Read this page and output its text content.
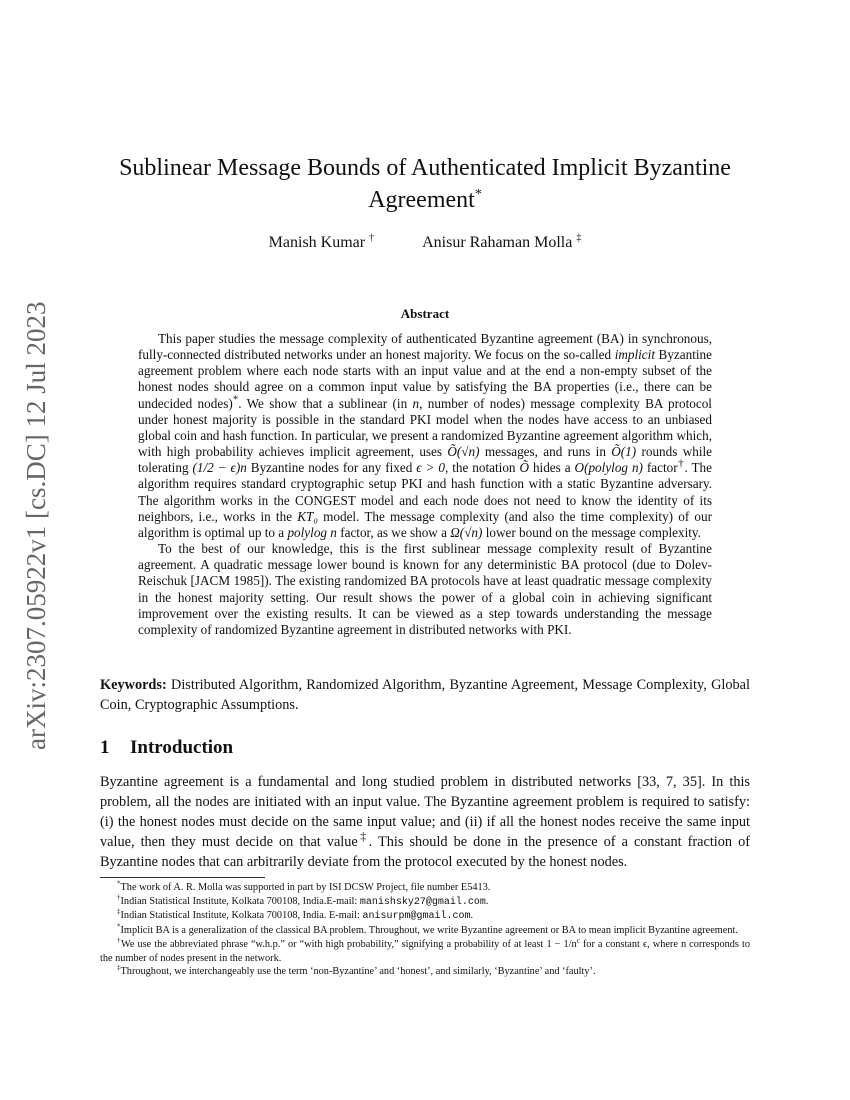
arXiv:2307.05922v1 [cs.DC] 12 Jul 2023
Sublinear Message Bounds of Authenticated Implicit Byzantine
Agreement*
Manish Kumar †	Anisur Rahaman Molla ‡
Abstract

This paper studies the message complexity of authenticated Byzantine agreement (BA) in synchronous, fully-connected distributed networks under an honest majority. We focus on the so-called implicit Byzantine agreement problem where each node starts with an input value and at the end a non-empty subset of the honest nodes should agree on a common input value by satisfying the BA properties (i.e., there can be undecided nodes)*. We show that a sublinear (in n, number of nodes) message complexity BA protocol under honest majority is possible in the standard PKI model when the nodes have access to an unbiased global coin and hash function. In particular, we present a randomized Byzantine agreement algorithm which, with high probability achieves implicit agreement, uses Õ(√n) messages, and runs in Õ(1) rounds while tolerating (1/2 − ϵ)n Byzantine nodes for any fixed ϵ > 0, the notation Õ hides a O(polylog n) factor†. The algorithm requires standard cryptographic setup PKI and hash function with a static Byzantine adversary. The algorithm works in the CONGEST model and each node does not need to know the identity of its neighbors, i.e., works in the KT₀ model. The message complexity (and also the time complexity) of our algorithm is optimal up to a polylog n factor, as we show a Ω(√n) lower bound on the message complexity.

To the best of our knowledge, this is the first sublinear message complexity result of Byzantine agreement. A quadratic message lower bound is known for any deterministic BA protocol (due to Dolev-Reischuk [JACM 1985]). The existing randomized BA protocols have at least quadratic message complexity in the honest majority setting. Our result shows the power of a global coin in achieving significant improvement over the existing results. It can be viewed as a step towards understanding the message complexity of randomized Byzantine agreement in distributed networks with PKI.

Keywords: Distributed Algorithm, Randomized Algorithm, Byzantine Agreement, Message Complexity, Global Coin, Cryptographic Assumptions.
1 Introduction

Byzantine agreement is a fundamental and long studied problem in distributed networks [33, 7, 35]. In this problem, all the nodes are initiated with an input value. The Byzantine agreement problem is required to satisfy: (i) the honest nodes must decide on the same input value; and (ii) if all the honest nodes receive the same input value, then they must decide on that value‡. This should be done in the presence of a constant fraction of Byzantine nodes that can arbitrarily deviate from the protocol executed by the honest nodes.

*The work of A. R. Molla was supported in part by ISI DCSW Project, file number E5413.

†Indian Statistical Institute, Kolkata 700108, India.E-mail: manishsky27@gmail.com.

‡Indian Statistical Institute, Kolkata 700108, India. E-mail: anisurpm@gmail.com.

*Implicit BA is a generalization of the classical BA problem. Throughout, we write Byzantine agreement or BA to mean implicit Byzantine agreement.

†We use the abbreviated phrase “w.h.p.” or “with high probability,” signifying a probability of at least $1 - 1/n^c$ for a constant ϵ, where n corresponds to the number of nodes present in the network.

‡Throughout, we interchangeably use the term ‘non-Byzantine’ and ‘honest’, and similarly, ‘Byzantine’ and ‘faulty’.
